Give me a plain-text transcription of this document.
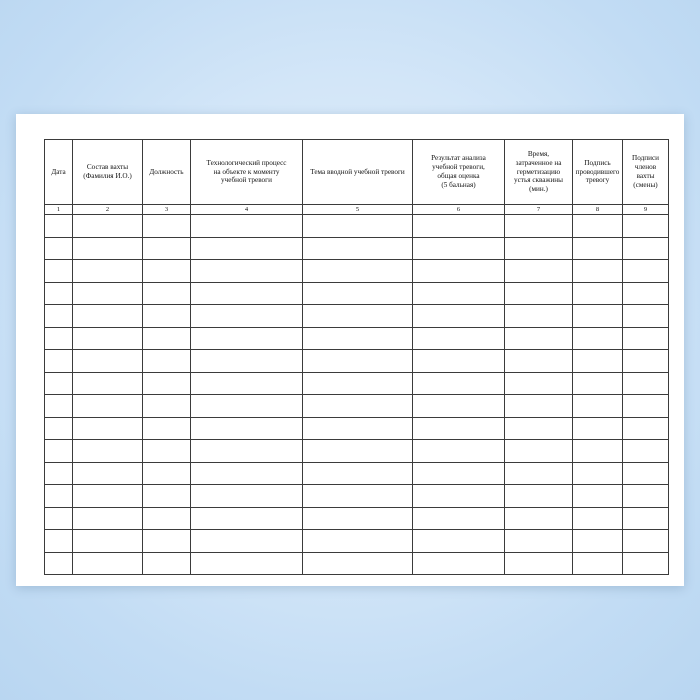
Дата	Состав вахты
(Фамилия И.О.)	Должность	Технологический процесс
на объекте к моменту
учебной тревоги	Тема вводной учебной тревоги	Результат анализа
учебной тревоги,
общая оценка
(5 бальная)	Время,
затраченное на
герметизацию
устья скважины
(мин.)	Подпись
проводившего
тревогу	Подписи
членов
вахты
(смены)

1	2	3	4	5	6	7	8	9
